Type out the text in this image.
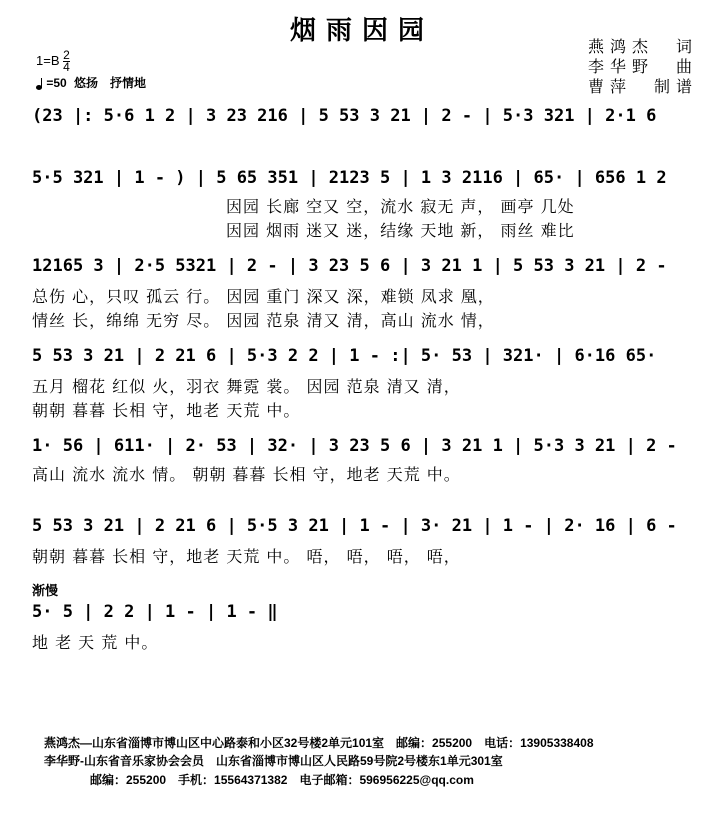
烟雨因园
燕鸿杰　词
李华野　曲
曹萍　制谱
$1=B \frac{2}{4}$
=50 悠扬　抒情地
(23 |: 5·6 1 2 | 3 23 216 | 5 53 3 21 | 2 - | 5·3 321 | 2·1 6
5·5 321 | 1 - ) | 5 65 351 | 2123 5 | 1 3 2116 | 65· | 656 1 2
因园 长廊 空又 空，流水 寂无 声， 画亭 几处
因园 烟雨 迷又 迷，结缘 天地 新， 雨丝 难比
12165 3 | 2·5 5321 | 2 - | 3 23 5 6 | 3 21 1 | 5 53 3 21 | 2 -
总伤 心，只叹 孤云 行。 因园 重门 深又 深，难锁 凤求 凰，
情丝 长，绵绵 无穷 尽。 因园 范泉 清又 清，高山 流水 情，
5 53 3 21 | 2 21 6 | 5·3 2 2 | 1 - :| 5· 53 | 321· | 6·16 65·
五月 榴花 红似 火，羽衣 舞霓 裳。 因园 范泉 清又 清，
朝朝 暮暮 长相 守，地老 天荒 中。
1· 56 | 611· | 2· 53 | 32· | 3 23 5 6 | 3 21 1 | 5·3 3 21 | 2 -
高山 流水 流水 情。 朝朝 暮暮 长相 守，地老 天荒 中。
5 53 3 21 | 2 21 6 | 5·5 3 21 | 1 - | 3· 21 | 1 - | 2· 16 | 6 -
朝朝 暮暮 长相 守，地老 天荒 中。 唔， 唔， 唔， 唔，
渐慢
5· 5 | 2 2 | 1 - | 1 - ‖
地 老 天 荒 中。
燕鸿杰—山东省淄博市博山区中心路泰和小区32号楼2单元101室　邮编：255200　电话：13905338408
李华野-山东省音乐家协会会员　山东省淄博市博山区人民路59号院2号楼东1单元301室
邮编：255200　手机：15564371382　电子邮箱：596956225@qq.com
